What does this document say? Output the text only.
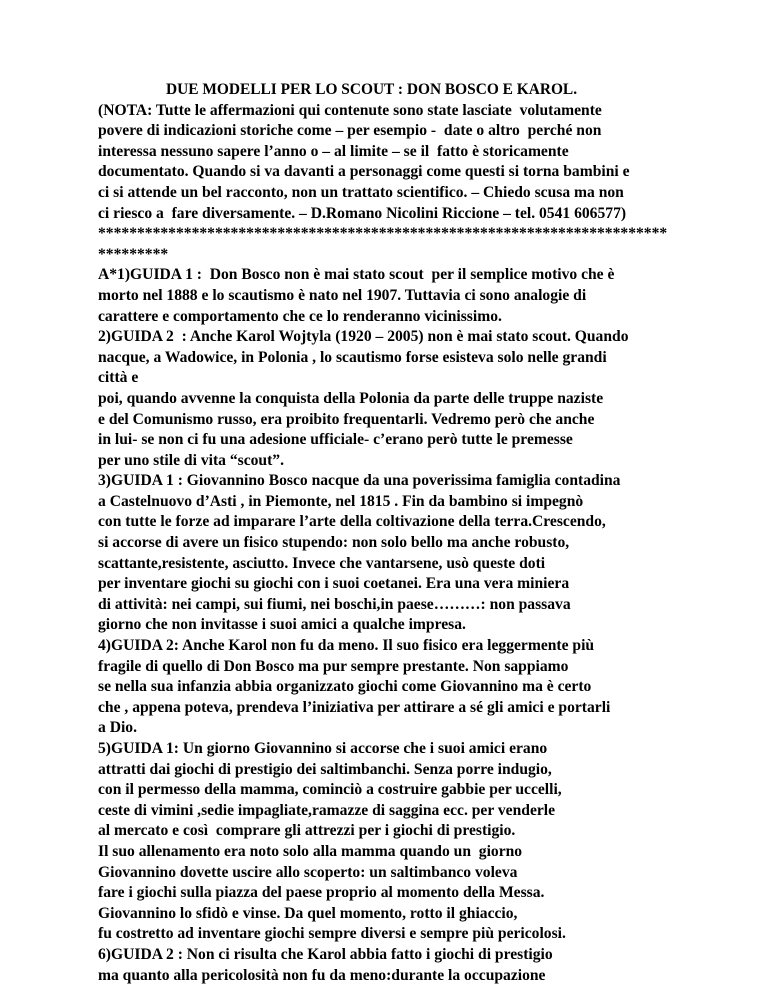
DUE MODELLI PER LO SCOUT : DON BOSCO E KAROL.
(NOTA: Tutte le affermazioni qui contenute sono state lasciate  volutamente
povere di indicazioni storiche come – per esempio -  date o altro  perché non
interessa nessuno sapere l’anno o – al limite – se il  fatto è storicamente
documentato. Quando si va davanti a personaggi come questi si torna bambini e
ci si attende un bel racconto, non un trattato scientifico. – Chiedo scusa ma non
ci riesco a  fare diversamente. – D.Romano Nicolini Riccione – tel. 0541 606577)
*************************************************************************
*********
A*1)GUIDA 1 :  Don Bosco non è mai stato scout  per il semplice motivo che è
morto nel 1888 e lo scautismo è nato nel 1907. Tuttavia ci sono analogie di
carattere e comportamento che ce lo renderanno vicinissimo.
2)GUIDA 2  : Anche Karol Wojtyla (1920 – 2005) non è mai stato scout. Quando
nacque, a Wadowice, in Polonia , lo scautismo forse esisteva solo nelle grandi
città e
poi, quando avvenne la conquista della Polonia da parte delle truppe naziste
e del Comunismo russo, era proibito frequentarli. Vedremo però che anche
in lui- se non ci fu una adesione ufficiale- c’erano però tutte le premesse
per uno stile di vita “scout”.
3)GUIDA 1 : Giovannino Bosco nacque da una poverissima famiglia contadina
a Castelnuovo d’Asti , in Piemonte, nel 1815 . Fin da bambino si impegnò
con tutte le forze ad imparare l’arte della coltivazione della terra.Crescendo,
si accorse di avere un fisico stupendo: non solo bello ma anche robusto,
scattante,resistente, asciutto. Invece che vantarsene, usò queste doti
per inventare giochi su giochi con i suoi coetanei. Era una vera miniera
di attività: nei campi, sui fiumi, nei boschi,in paese………: non passava
giorno che non invitasse i suoi amici a qualche impresa.
4)GUIDA 2: Anche Karol non fu da meno. Il suo fisico era leggermente più
fragile di quello di Don Bosco ma pur sempre prestante. Non sappiamo
se nella sua infanzia abbia organizzato giochi come Giovannino ma è certo
che , appena poteva, prendeva l’iniziativa per attirare a sé gli amici e portarli
a Dio.
5)GUIDA 1: Un giorno Giovannino si accorse che i suoi amici erano
attratti dai giochi di prestigio dei saltimbanchi. Senza porre indugio,
con il permesso della mamma, cominciò a costruire gabbie per uccelli,
ceste di vimini ,sedie impagliate,ramazze di saggina ecc. per venderle
al mercato e così  comprare gli attrezzi per i giochi di prestigio.
Il suo allenamento era noto solo alla mamma quando un  giorno
Giovannino dovette uscire allo scoperto: un saltimbanco voleva
fare i giochi sulla piazza del paese proprio al momento della Messa.
Giovannino lo sfidò e vinse. Da quel momento, rotto il ghiaccio,
fu costretto ad inventare giochi sempre diversi e sempre più pericolosi.
6)GUIDA 2 : Non ci risulta che Karol abbia fatto i giochi di prestigio
ma quanto alla pericolosità non fu da meno:durante la occupazione
